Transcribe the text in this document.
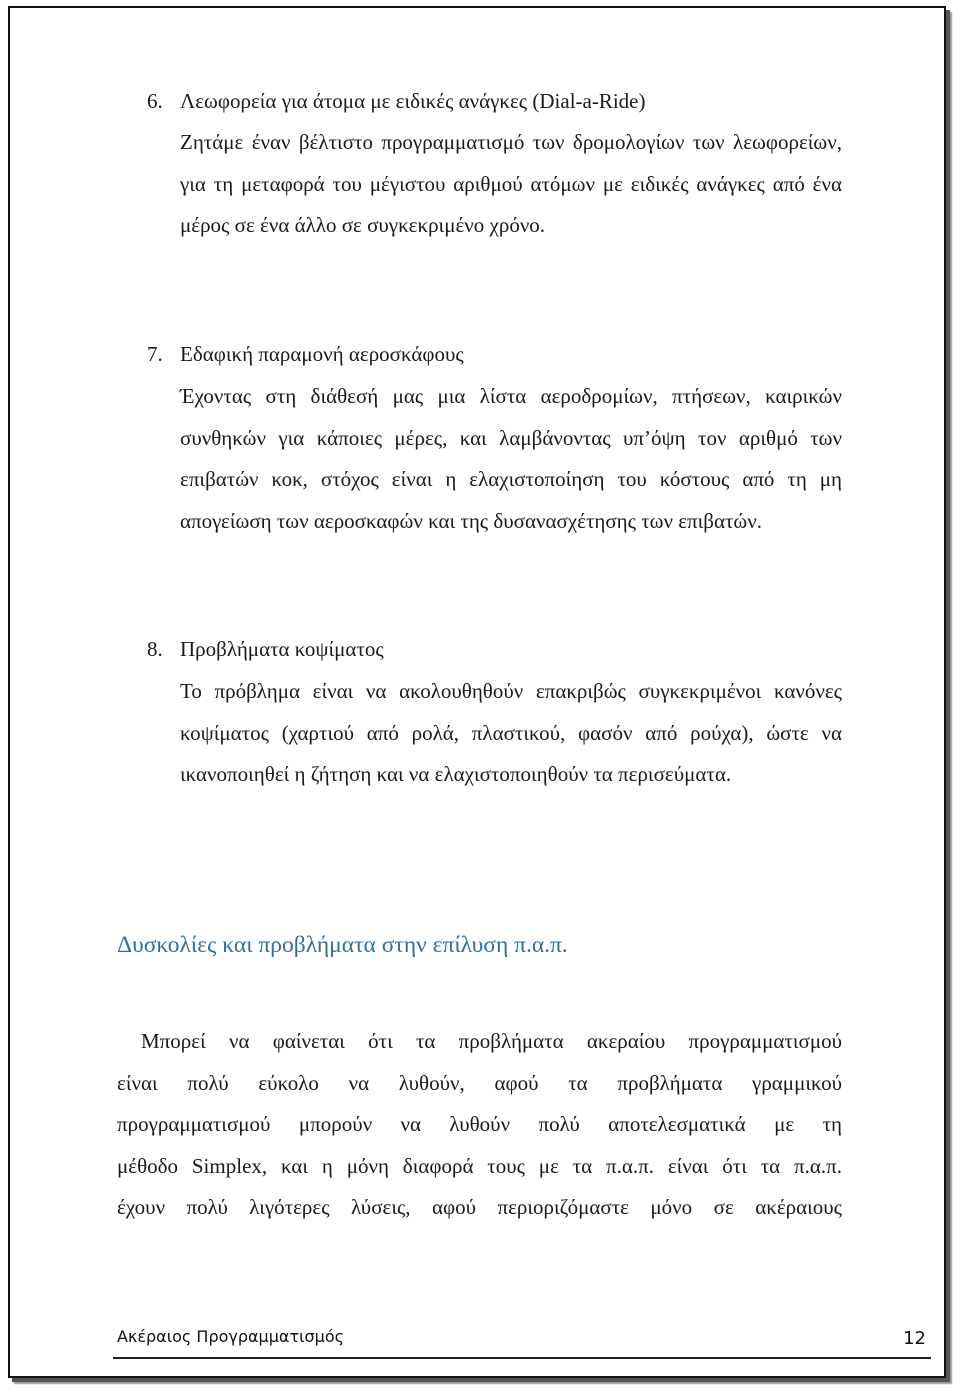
6. Λεωφορεία για άτομα με ειδικές ανάγκες (Dial-a-Ride)
Ζητάμε έναν βέλτιστο προγραμματισμό των δρομολογίων των λεωφορείων, για τη μεταφορά του μέγιστου αριθμού ατόμων με ειδικές ανάγκες από ένα μέρος σε ένα άλλο σε συγκεκριμένο χρόνο.
7. Εδαφική παραμονή αεροσκάφους
Έχοντας στη διάθεσή μας μια λίστα αεροδρομίων, πτήσεων, καιρικών συνθηκών για κάποιες μέρες, και λαμβάνοντας υπ’όψη τον αριθμό των επιβατών κοκ, στόχος είναι η ελαχιστοποίηση του κόστους από τη μη απογείωση των αεροσκαφών και της δυσανασχέτησης των επιβατών.
8. Προβλήματα κοψίματος
Το πρόβλημα είναι να ακολουθηθούν επακριβώς συγκεκριμένοι κανόνες κοψίματος (χαρτιού από ρολά, πλαστικού, φασόν από ρούχα), ώστε να ικανοποιηθεί η ζήτηση και να ελαχιστοποιηθούν τα περισεύματα.
Δυσκολίες και προβλήματα στην επίλυση π.α.π.
Μπορεί να φαίνεται ότι τα προβλήματα ακεραίου προγραμματισμού
είναι πολύ εύκολο να λυθούν, αφού τα προβλήματα γραμμικού
προγραμματισμού μπορούν να λυθούν πολύ αποτελεσματικά με τη
μέθοδο Simplex, και η μόνη διαφορά τους με τα π.α.π. είναι ότι τα π.α.π.
έχουν πολύ λιγότερες λύσεις, αφού περιοριζόμαστε μόνο σε ακέραιους
Ακέραιος Προγραμματισμός	12
